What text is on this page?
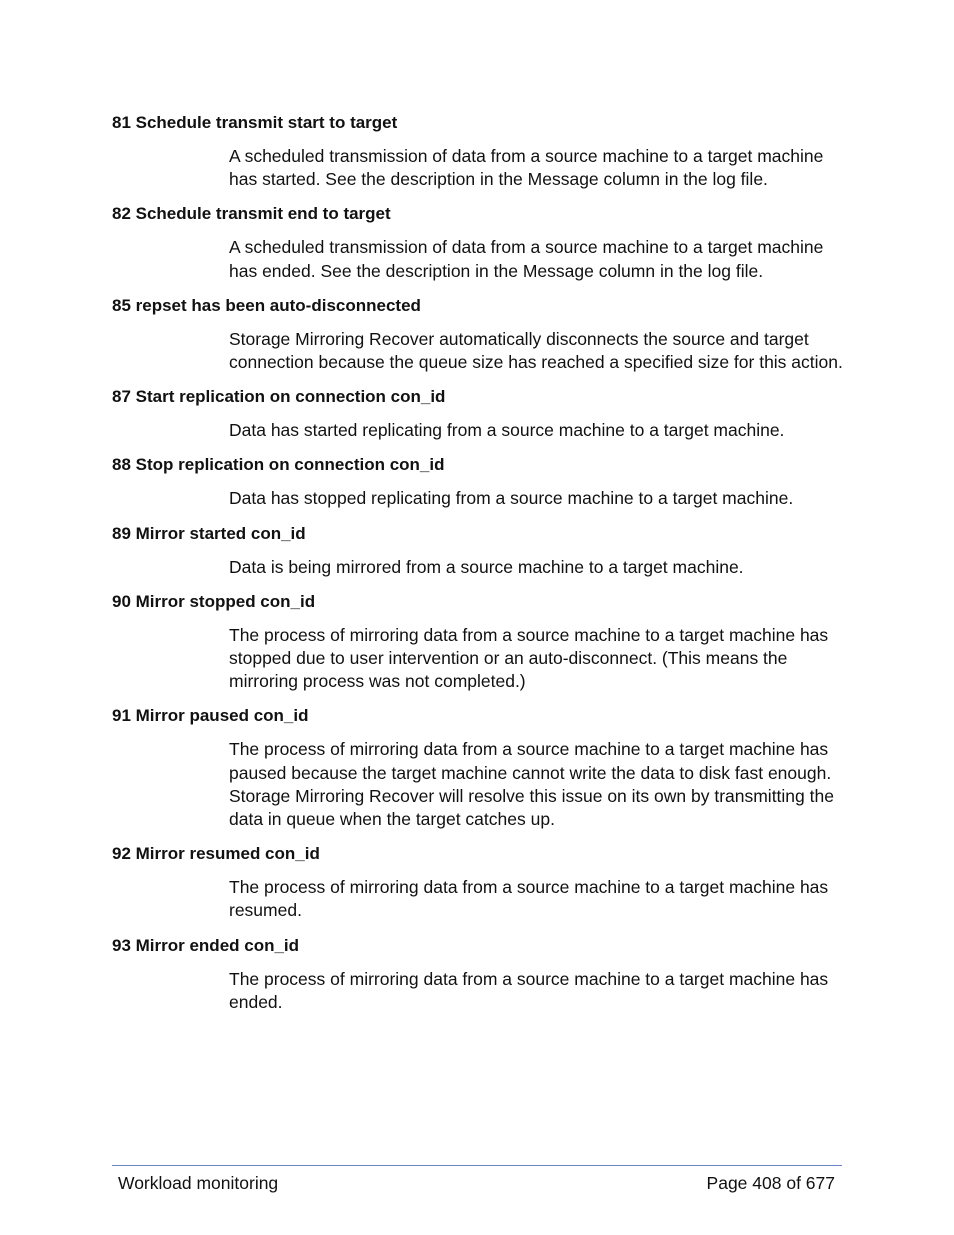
81 Schedule transmit start to target

A scheduled transmission of data from a source machine to a target machine has started. See the description in the Message column in the log file.

82 Schedule transmit end to target

A scheduled transmission of data from a source machine to a target machine has ended. See the description in the Message column in the log file.

85 repset has been auto-disconnected

Storage Mirroring Recover automatically disconnects the source and target connection because the queue size has reached a specified size for this action.

87 Start replication on connection con_id

Data has started replicating from a source machine to a target machine.

88 Stop replication on connection con_id

Data has stopped replicating from a source machine to a target machine.

89 Mirror started con_id

Data is being mirrored from a source machine to a target machine.

90 Mirror stopped con_id

The process of mirroring data from a source machine to a target machine has stopped due to user intervention or an auto-disconnect. (This means the mirroring process was not completed.)

91 Mirror paused con_id

The process of mirroring data from a source machine to a target machine has paused because the target machine cannot write the data to disk fast enough. Storage Mirroring Recover will resolve this issue on its own by transmitting the data in queue when the target catches up.

92 Mirror resumed con_id

The process of mirroring data from a source machine to a target machine has resumed.

93 Mirror ended con_id

The process of mirroring data from a source machine to a target machine has ended.

Workload monitoring	Page 408 of 677
